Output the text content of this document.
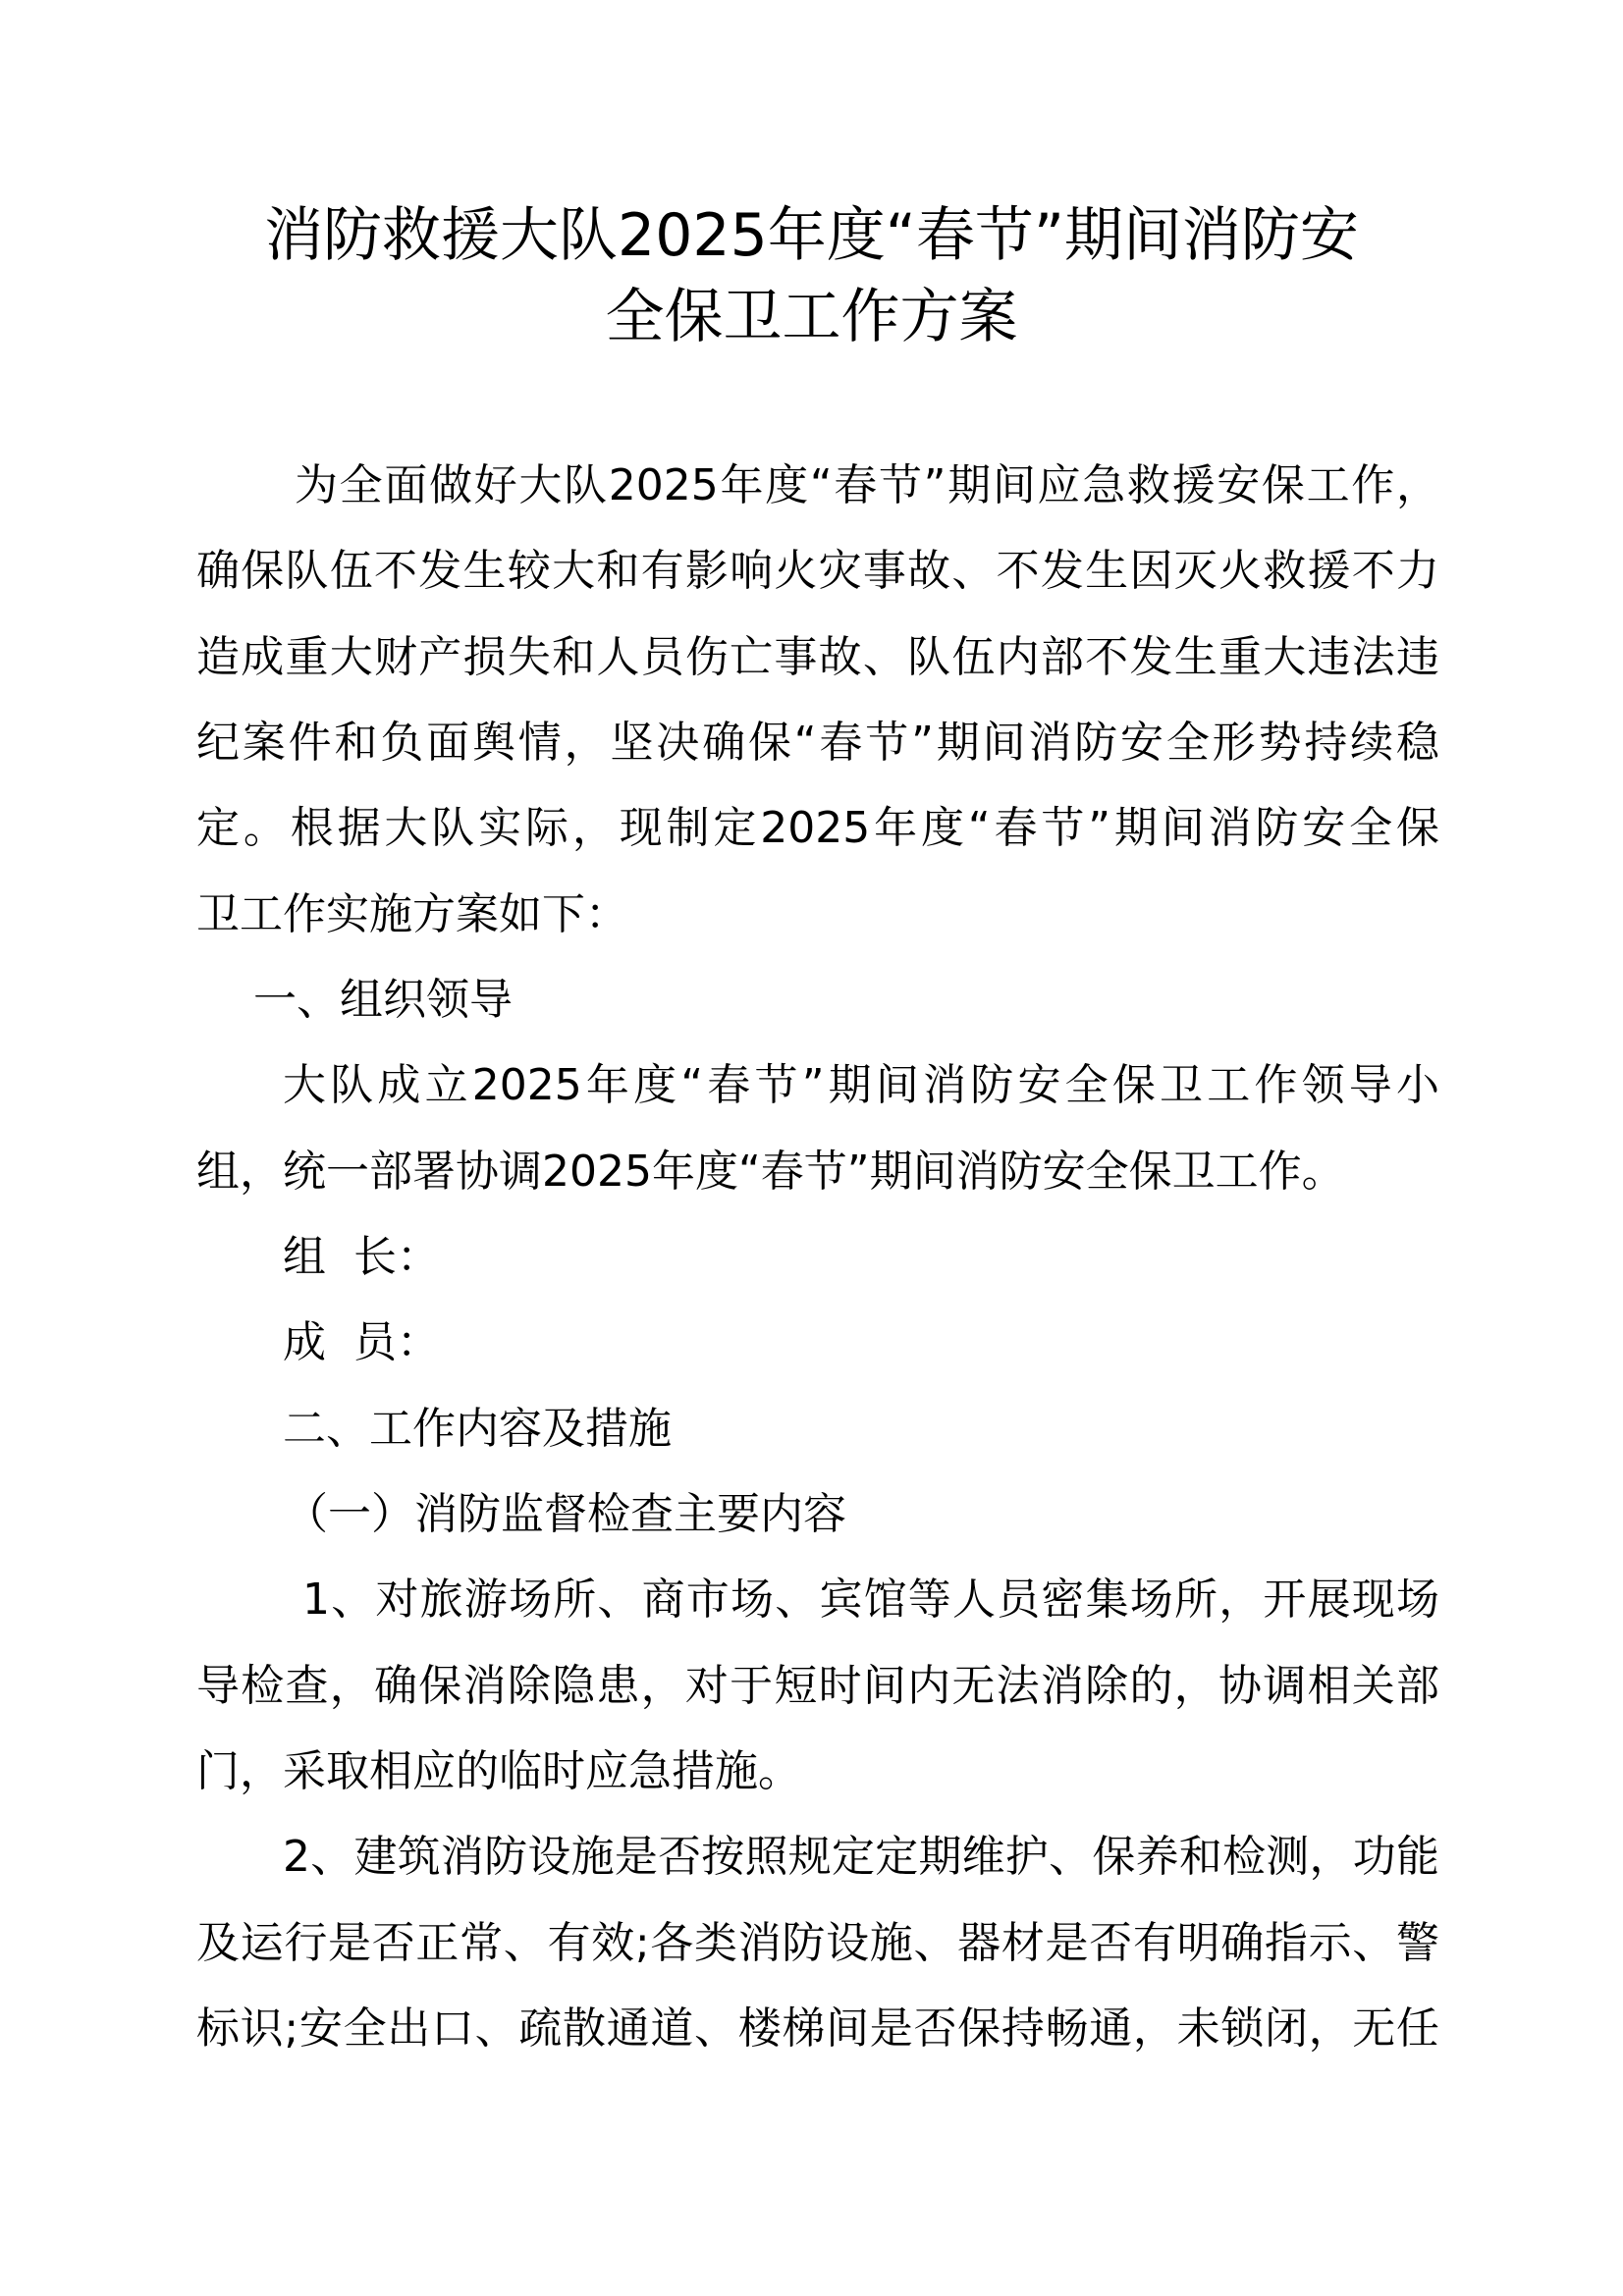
消防救援大队2025年度“春节”期间消防安
全保卫工作方案
为全面做好大队2025年度“春节”期间应急救援安保工作，
确保队伍不发生较大和有影响火灾事故、不发生因灭火救援不力
造成重大财产损失和人员伤亡事故、队伍内部不发生重大违法违
纪案件和负面舆情，坚决确保“春节”期间消防安全形势持续稳
定。根据大队实际，现制定2025年度“春节”期间消防安全保
卫工作实施方案如下：
一、组织领导
大队成立2025年度“春节”期间消防安全保卫工作领导小
组，统一部署协调2025年度“春节”期间消防安全保卫工作。
组  长：
成  员：
二、工作内容及措施
（一）消防监督检查主要内容
1、对旅游场所、商市场、宾馆等人员密集场所，开展现场
导检查，确保消除隐患，对于短时间内无法消除的，协调相关部
门，采取相应的临时应急措施。
2、建筑消防设施是否按照规定定期维护、保养和检测，功能
及运行是否正常、有效;各类消防设施、器材是否有明确指示、警
标识;安全出口、疏散通道、楼梯间是否保持畅通，未锁闭，无任
